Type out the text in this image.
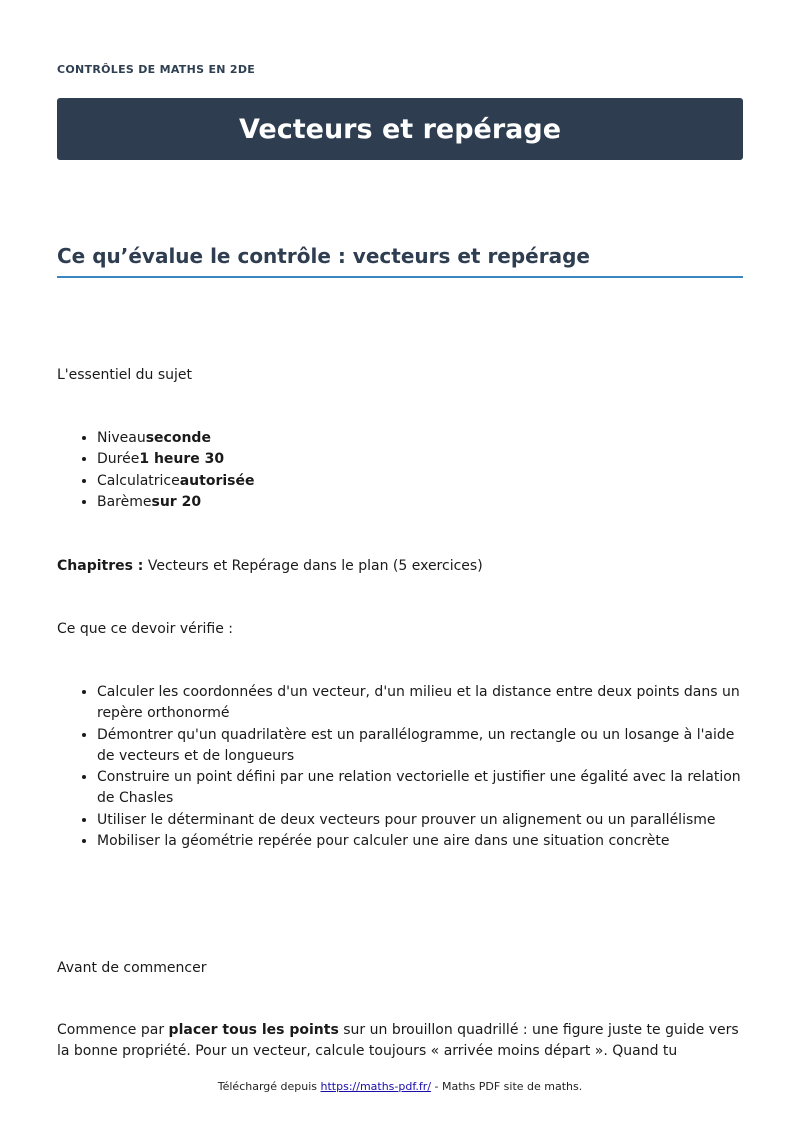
CONTRÔLES DE MATHS EN 2DE
Vecteurs et repérage
Ce qu’évalue le contrôle : vecteurs et repérage

L'essentiel du sujet

• Niveauseconde
• Durée1 heure 30
• Calculatriceautorisée
• Barèmesur 20

Chapitres : Vecteurs et Repérage dans le plan (5 exercices)

Ce que ce devoir vérifie :

• Calculer les coordonnées d'un vecteur, d'un milieu et la distance entre deux points dans un repère orthonormé
• Démontrer qu'un quadrilatère est un parallélogramme, un rectangle ou un losange à l'aide de vecteurs et de longueurs
• Construire un point défini par une relation vectorielle et justifier une égalité avec la relation de Chasles
• Utiliser le déterminant de deux vecteurs pour prouver un alignement ou un parallélisme
• Mobiliser la géométrie repérée pour calculer une aire dans une situation concrète

Avant de commencer

Commence par placer tous les points sur un brouillon quadrillé : une figure juste te guide vers la bonne propriété. Pour un vecteur, calcule toujours « arrivée moins départ ». Quand tu

Téléchargé depuis https://maths-pdf.fr/ - Maths PDF site de maths.
